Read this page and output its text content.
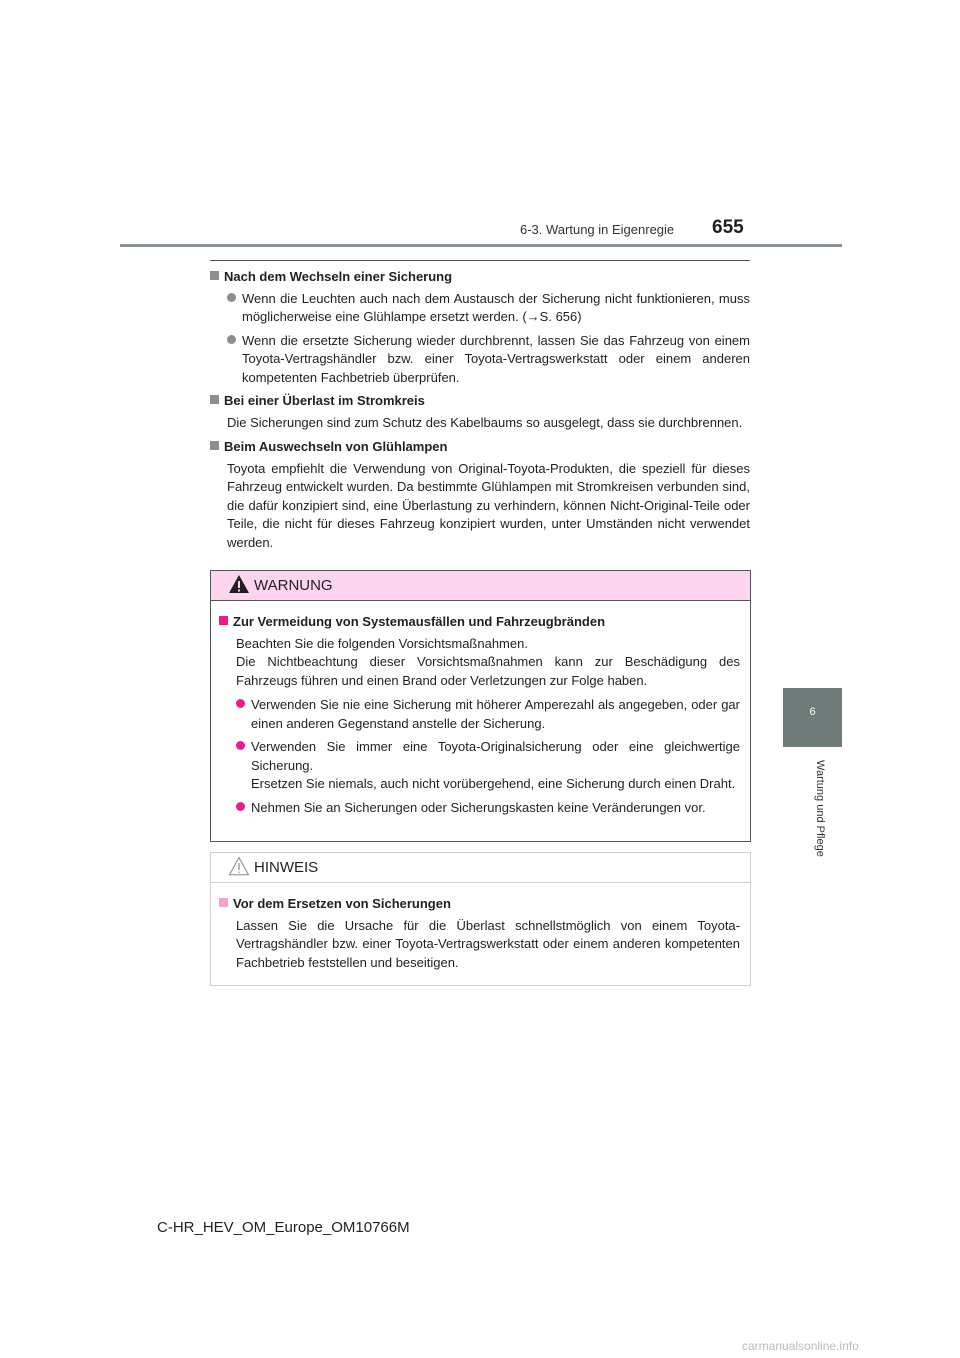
6-3. Wartung in Eigenregie 655
6
Wartung und Pflege

Nach dem Wechseln einer Sicherung

Wenn die Leuchten auch nach dem Austausch der Sicherung nicht funktionieren, muss möglicherweise eine Glühlampe ersetzt werden. (→S. 656)

Wenn die ersetzte Sicherung wieder durchbrennt, lassen Sie das Fahrzeug von einem Toyota-Vertragshändler bzw. einer Toyota-Vertragswerkstatt oder einem anderen kompetenten Fachbetrieb überprüfen.

Bei einer Überlast im Stromkreis

Die Sicherungen sind zum Schutz des Kabelbaums so ausgelegt, dass sie durchbrennen.

Beim Auswechseln von Glühlampen

Toyota empfiehlt die Verwendung von Original-Toyota-Produkten, die speziell für dieses Fahrzeug entwickelt wurden. Da bestimmte Glühlampen mit Stromkreisen verbunden sind, die dafür konzipiert sind, eine Überlastung zu verhindern, können Nicht-Original-Teile oder Teile, die nicht für dieses Fahrzeug konzipiert wurden, unter Umständen nicht verwendet werden.

WARNUNG

Zur Vermeidung von Systemausfällen und Fahrzeugbränden

Beachten Sie die folgenden Vorsichtsmaßnahmen.

Die Nichtbeachtung dieser Vorsichtsmaßnahmen kann zur Beschädigung des Fahrzeugs führen und einen Brand oder Verletzungen zur Folge haben.

Verwenden Sie nie eine Sicherung mit höherer Amperezahl als angegeben, oder gar einen anderen Gegenstand anstelle der Sicherung.

Verwenden Sie immer eine Toyota-Originalsicherung oder eine gleichwertige Sicherung.
Ersetzen Sie niemals, auch nicht vorübergehend, eine Sicherung durch einen Draht.

Nehmen Sie an Sicherungen oder Sicherungskasten keine Veränderungen vor.

HINWEIS

Vor dem Ersetzen von Sicherungen

Lassen Sie die Ursache für die Überlast schnellstmöglich von einem Toyota-Vertragshändler bzw. einer Toyota-Vertragswerkstatt oder einem anderen kompetenten Fachbetrieb feststellen und beseitigen.

C-HR_HEV_OM_Europe_OM10766M
carmanualsonline.info
